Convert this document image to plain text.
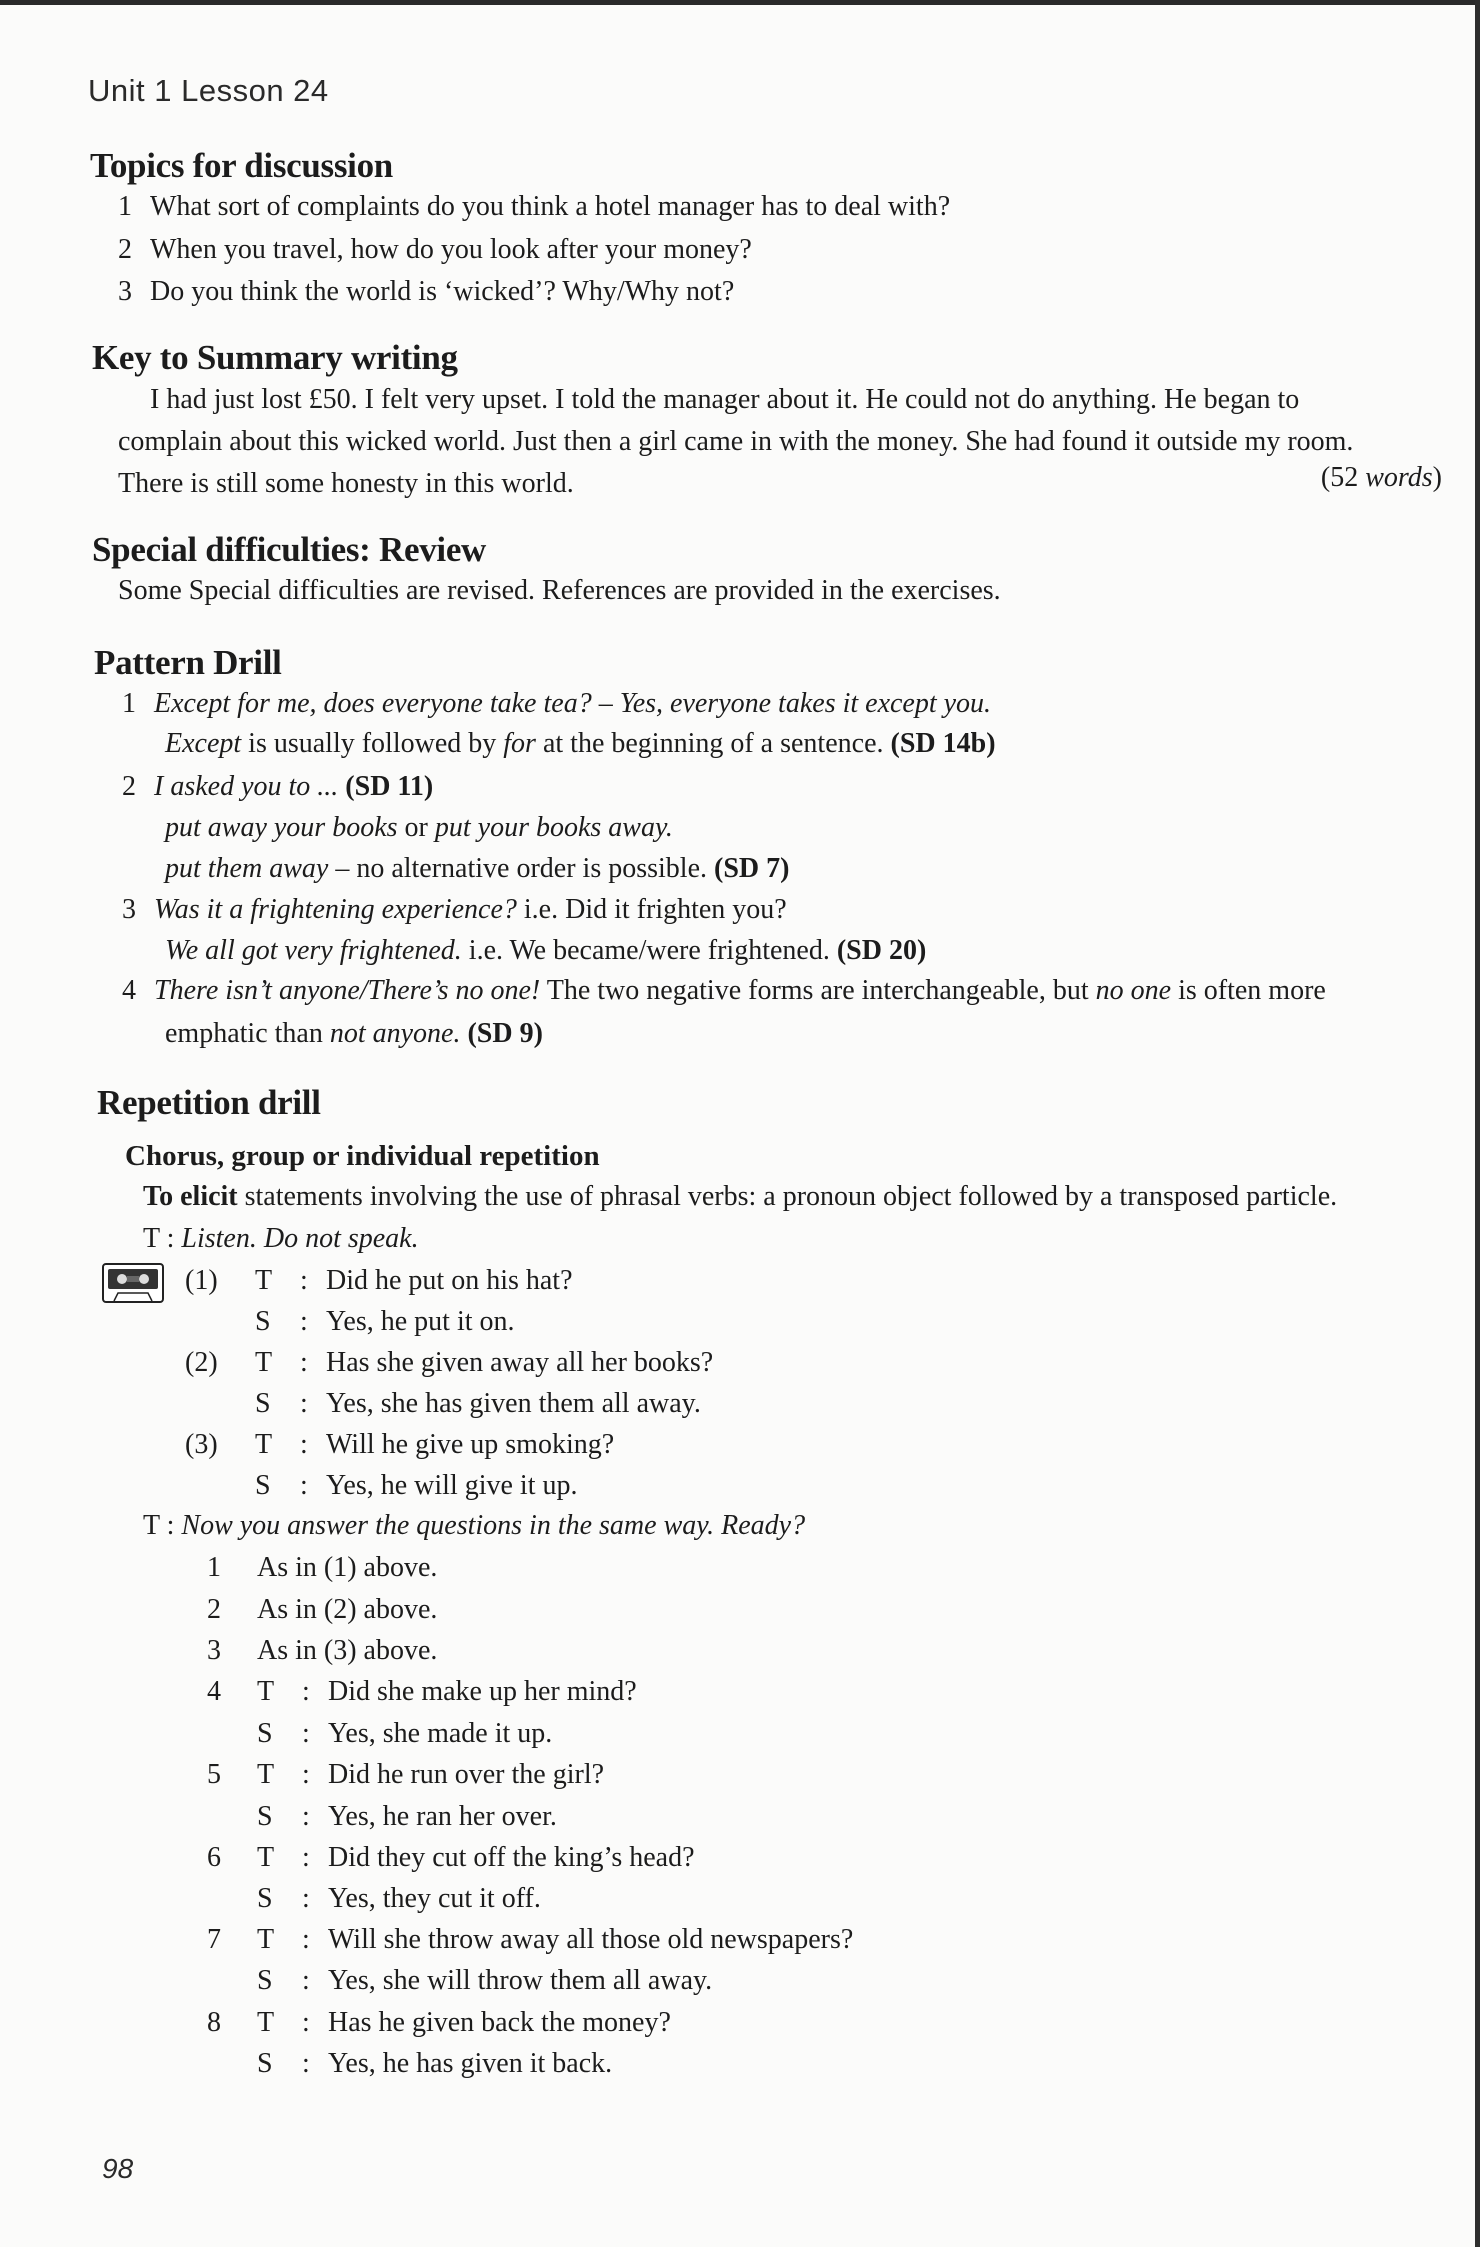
Unit 1 Lesson 24
Topics for discussion
1 What sort of complaints do you think a hotel manager has to deal with?
2 When you travel, how do you look after your money?
3 Do you think the world is ‘wicked’? Why/Why not?
Key to Summary writing
I had just lost £50. I felt very upset. I told the manager about it. He could not do anything. He began to
complain about this wicked world. Just then a girl came in with the money. She had found it outside my room.
There is still some honesty in this world.	(52 words)
Special difficulties: Review
Some Special difficulties are revised. References are provided in the exercises.
Pattern Drill
1 Except for me, does everyone take tea? – Yes, everyone takes it except you.
Except is usually followed by for at the beginning of a sentence. (SD 14b)
2 I asked you to ... (SD 11)
put away your books or put your books away.
put them away – no alternative order is possible. (SD 7)
3 Was it a frightening experience? i.e. Did it frighten you?
We all got very frightened. i.e. We became/were frightened. (SD 20)
4 There isn’t anyone/There’s no one! The two negative forms are interchangeable, but no one is often more
emphatic than not anyone. (SD 9)
Repetition drill
Chorus, group or individual repetition
To elicit statements involving the use of phrasal verbs: a pronoun object followed by a transposed particle.
T : Listen. Do not speak.
(1) T : Did he put on his hat?
S : Yes, he put it on.
(2) T : Has she given away all her books?
S : Yes, she has given them all away.
(3) T : Will he give up smoking?
S : Yes, he will give it up.
T : Now you answer the questions in the same way. Ready?
1 As in (1) above.
2 As in (2) above.
3 As in (3) above.
4 T : Did she make up her mind?
S : Yes, she made it up.
5 T : Did he run over the girl?
S : Yes, he ran her over.
6 T : Did they cut off the king’s head?
S : Yes, they cut it off.
7 T : Will she throw away all those old newspapers?
S : Yes, she will throw them all away.
8 T : Has he given back the money?
S : Yes, he has given it back.
98
